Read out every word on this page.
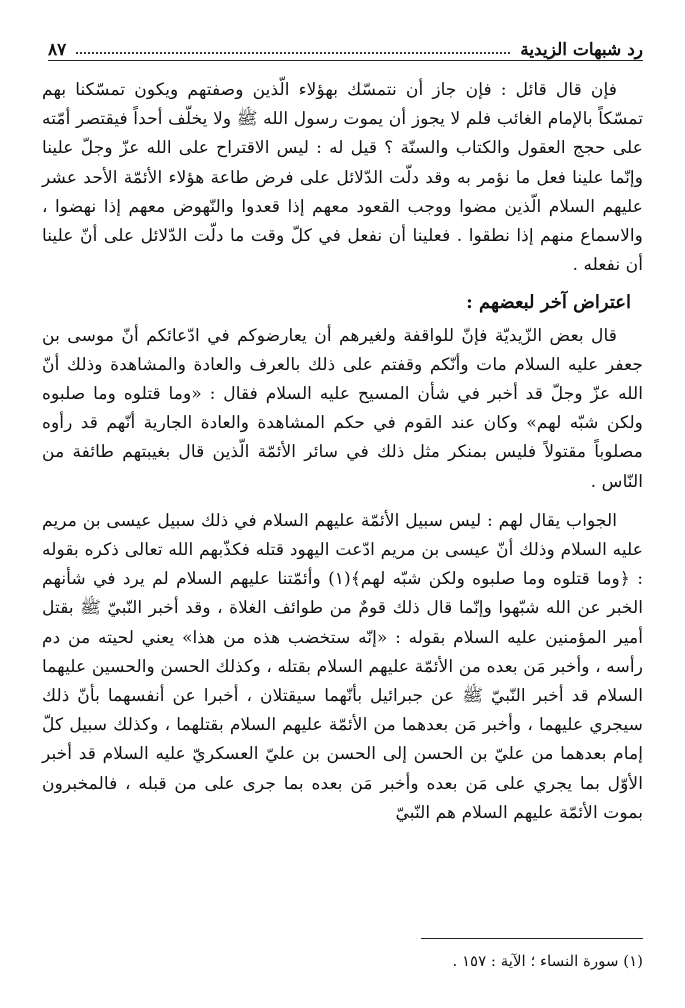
رد شبهات الزيدية
٨٧

فإن قال قائل : فإن جاز أن نتمسّك بهؤلاء الّذين وصفتهم ويكون تمسّكنا بهم تمسّكاً بالإمام الغائب فلم لا يجوز أن يموت رسول الله ﷺ ولا يخلّف أحداً فيقتصر أمّته على حجج العقول والكتاب والسنّة ؟ قيل له : ليس الاقتراح على الله عزّ وجلّ علينا وإنّما علينا فعل ما نؤمر به وقد دلّت الدّلائل على فرض طاعة هؤلاء الأئمّة الأحد عشر عليهم السلام الّذين مضوا ووجب القعود معهم إذا قعدوا والنّهوض معهم إذا نهضوا ، والاسماع منهم إذا نطقوا . فعلينا أن نفعل في كلّ وقت ما دلّت الدّلائل على أنّ علينا أن نفعله .

اعتراض آخر لبعضهم :

قال بعض الزّيديّة فإنّ للواقفة ولغيرهم أن يعارضوكم في ادّعائكم أنّ موسى بن جعفر عليه السلام مات وأنّكم وقفتم على ذلك بالعرف والعادة والمشاهدة وذلك أنّ الله عزّ وجلّ قد أخبر في شأن المسيح عليه السلام فقال : «وما قتلوه وما صلبوه ولكن شبّه لهم» وكان عند القوم في حكم المشاهدة والعادة الجارية أنّهم قد رأوه مصلوباً مقتولاً فليس بمنكر مثل ذلك في سائر الأئمّة الّذين قال بغيبتهم طائفة من النّاس .

الجواب يقال لهم : ليس سبيل الأئمّة عليهم السلام في ذلك سبيل عيسى بن مريم عليه السلام وذلك أنّ عيسى بن مريم ادّعت اليهود قتله فكذّبهم الله تعالى ذكره بقوله : ﴿وما قتلوه وما صلبوه ولكن شبّه لهم﴾(١) وأئمّتنا عليهم السلام لم يرد في شأنهم الخبر عن الله شبّهوا وإنّما قال ذلك قومٌ من طوائف الغلاة ، وقد أخبر النّبيّ ﷺ بقتل أمير المؤمنين عليه السلام بقوله : «إنّه ستخضب هذه من هذا» يعني لحيته من دم رأسه ، وأخبر مَن بعده من الأئمّة عليهم السلام بقتله ، وكذلك الحسن والحسين عليهما السلام قد أخبر النّبيّ ﷺ عن جبرائيل بأنّهما سيقتلان ، أخبرا عن أنفسهما بأنّ ذلك سيجري عليهما ، وأخبر مَن بعدهما من الأئمّة عليهم السلام بقتلهما ، وكذلك سبيل كلّ إمام بعدهما من عليّ بن الحسن إلى الحسن بن عليّ العسكريّ عليه السلام قد أخبر الأوّل بما يجري على مَن بعده وأخبر مَن بعده بما جرى على من قبله ، فالمخبرون بموت الأئمّة عليهم السلام هم النّبيّ

(١) سورة النساء ؛ الآية : ١٥٧ .
